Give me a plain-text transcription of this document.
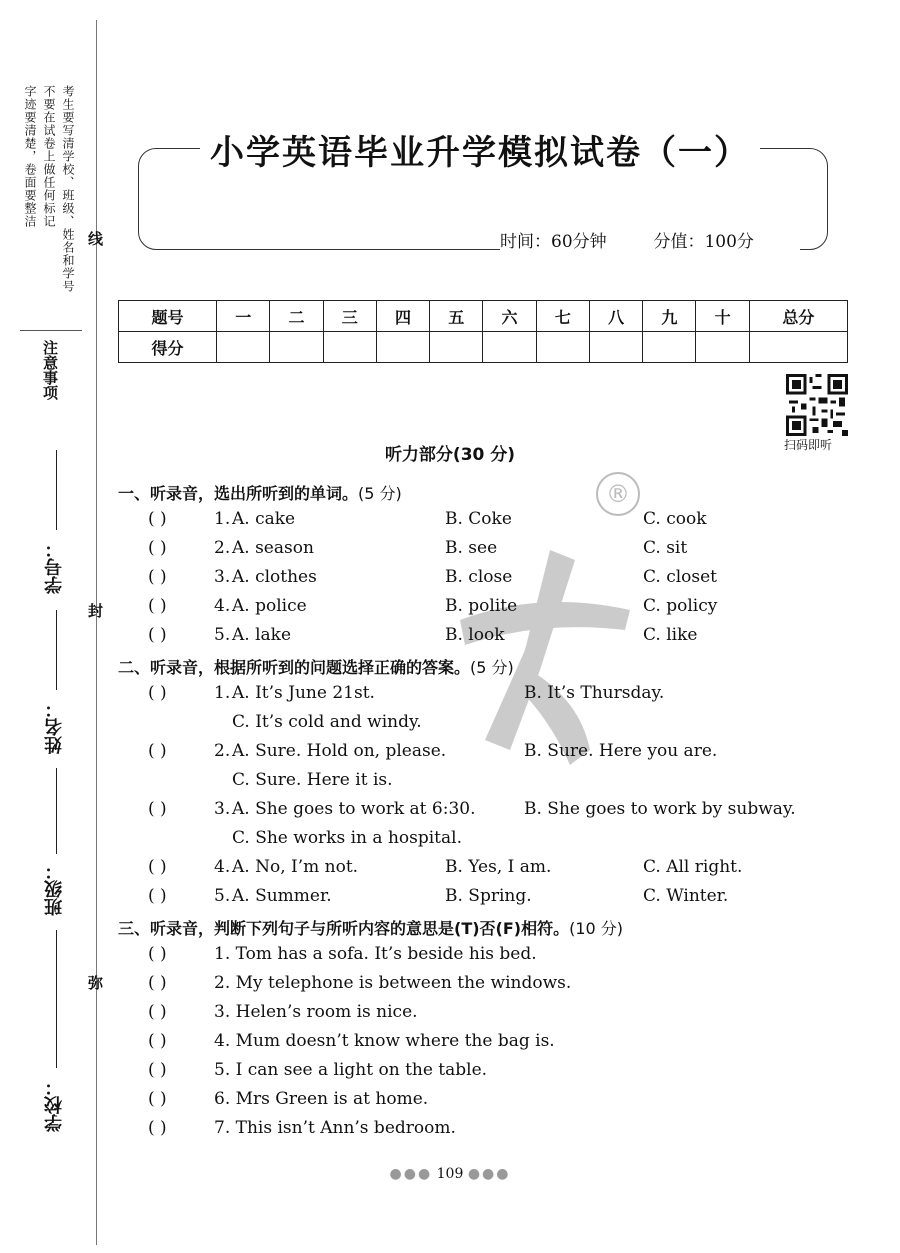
考生要写清学校、班级、姓名和学号
不要在试卷上做任何标记
字迹要清楚，卷面要整洁
注意事项
线
封
弥
学号：
姓名：
班级：
学校：
小学英语毕业升学模拟试卷（一）
时间：60分钟	分值：100分
题号	一	二	三	四	五	六	七	八	九	十	总分
得分											
扫码即听
®
听力部分(30 分)
一、听录音，选出所听到的单词。(5 分)
( )	1. A. cake	B. Coke	C. cook
( )	2. A. season	B. see	C. sit
( )	3. A. clothes	B. close	C. closet
( )	4. A. police	B. polite	C. policy
( )	5. A. lake	B. look	C. like
二、听录音，根据所听到的问题选择正确的答案。(5 分)
( )	1. A. It’s June 21st.	B. It’s Thursday.
C. It’s cold and windy.
( )	2. A. Sure. Hold on, please.	B. Sure. Here you are.
C. Sure. Here it is.
( )	3. A. She goes to work at 6:30.	B. She goes to work by subway.
C. She works in a hospital.
( )	4. A. No, I’m not.	B. Yes, I am.	C. All right.
( )	5. A. Summer.	B. Spring.	C. Winter.
三、听录音，判断下列句子与所听内容的意思是(T)否(F)相符。(10 分)
( )	1. Tom has a sofa. It’s beside his bed.
( )	2. My telephone is between the windows.
( )	3. Helen’s room is nice.
( )	4. Mum doesn’t know where the bag is.
( )	5. I can see a light on the table.
( )	6. Mrs Green is at home.
( )	7. This isn’t Ann’s bedroom.
●●● 109 ●●●
